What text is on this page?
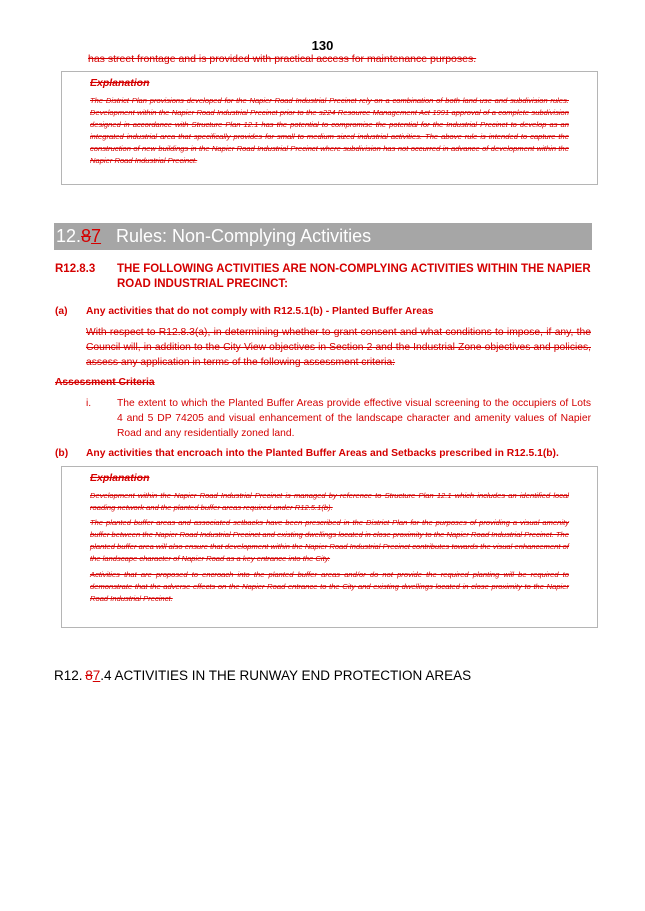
130
has street frontage and is provided with practical access for maintenance purposes.
Explanation

The District Plan provisions developed for the Napier Road Industrial Precinct rely on a combination of both land-use and subdivision rules. Development within the Napier Road Industrial Precinct prior to the s224 Resource Management Act 1991 approval of a complete subdivision designed in accordance with Structure Plan 12.1 has the potential to compromise the potential for the Industrial Precinct to develop as an integrated industrial area that specifically provides for small to medium sized industrial activities. The above rule is intended to capture the construction of new buildings in the Napier Road Industrial Precinct where subdivision has not occurred in advance of development within the Napier Road Industrial Precinct.

12.87 Rules: Non-Complying Activities
R12.8.3 THE FOLLOWING ACTIVITIES ARE NON-COMPLYING ACTIVITIES WITHIN THE NAPIER ROAD INDUSTRIAL PRECINCT:
(a) Any activities that do not comply with R12.5.1(b) - Planted Buffer Areas
With respect to R12.8.3(a), in determining whether to grant consent and what conditions to impose, if any, the Council will, in addition to the City View objectives in Section 2 and the Industrial Zone objectives and policies, assess any application in terms of the following assessment criteria:
Assessment Criteria
i.	The extent to which the Planted Buffer Areas provide effective visual screening to the occupiers of Lots 4 and 5 DP 74205 and visual enhancement of the landscape character and amenity values of Napier Road and any residentially zoned land.
(b) Any activities that encroach into the Planted Buffer Areas and Setbacks prescribed in R12.5.1(b).
Explanation

Development within the Napier Road Industrial Precinct is managed by reference to Structure Plan 12.1 which includes an identified local roading network and the planted buffer areas required under R12.5.1(b).

The planted buffer areas and associated setbacks have been prescribed in the District Plan for the purposes of providing a visual amenity buffer between the Napier Road Industrial Precinct and existing dwellings located in close proximity to the Napier Road Industrial Precinct. The planted buffer area will also ensure that development within the Napier Road Industrial Precinct contributes towards the visual enhancement of the landscape character of Napier Road as a key entrance into the City.

Activities that are proposed to encroach into the planted buffer areas and/or do not provide the required planting will be required to demonstrate that the adverse effects on the Napier Road entrance to the City and existing dwellings located in close proximity to the Napier Road Industrial Precinct.

R12.  87.4 ACTIVITIES IN THE RUNWAY END PROTECTION AREAS
